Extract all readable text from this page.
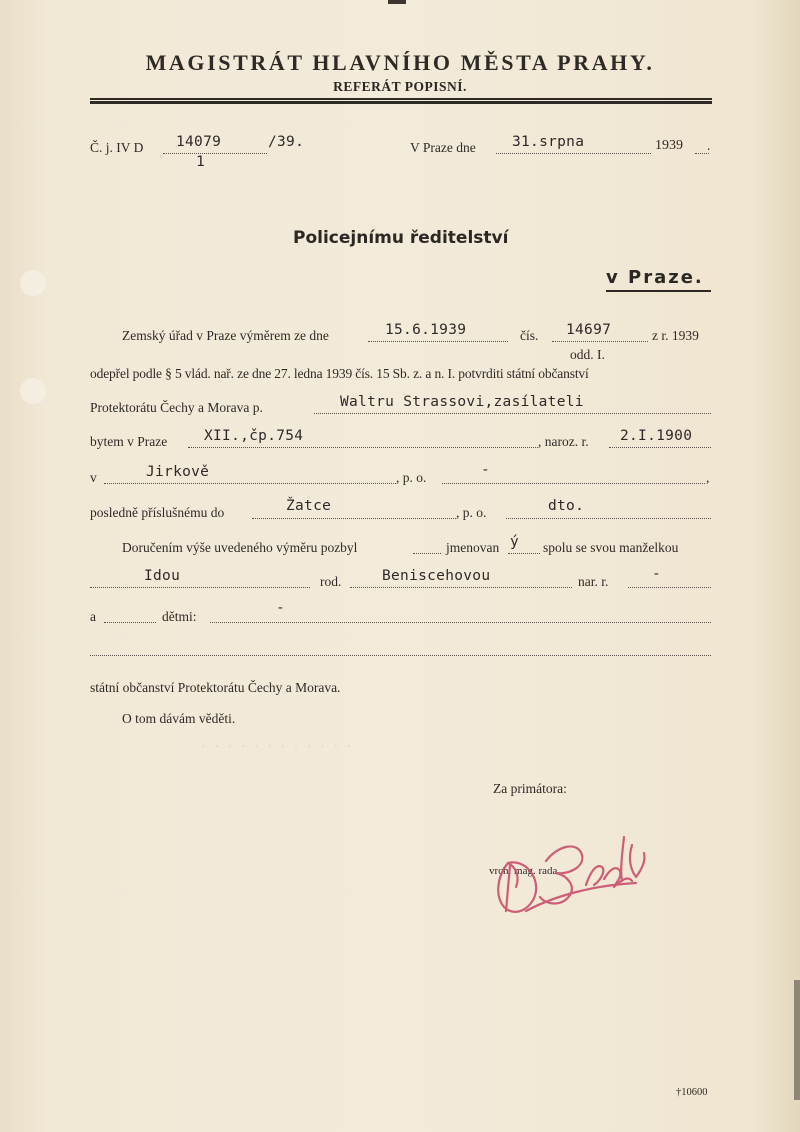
MAGISTRÁT HLAVNÍHO MĚSTA PRAHY.
REFERÁT POPISNÍ.
Č. j. IV D 14079
1
/39.	V Praze dne	31.srpna	1939 .
Policejnímu ředitelství
v Praze.
Zemský úřad v Praze výměrem ze dne	15.6.1939	čís. 14697	z r. 1939
odd. I.
odepřel podle § 5 vlád. nař. ze dne 27. ledna 1939 čís. 15 Sb. z. a n. I. potvrditi státní občanství
Protektorátu Čechy a Morava p.	Waltru Strassovi,zasílateli
bytem v Praze	XII.,čp.754	, naroz. r. 2.I.1900
v	Jirkově	, p. o.	-	,
posledně příslušnému do	Žatce	, p. o.	dto.
Doručením výše uvedeného výměru pozbyl	jmenovan ý spolu se svou manželkou
Idou	rod.	Beniscehovou	nar. r.	-
a	dětmi:
-
státní občanství Protektorátu Čechy a Morava.
O tom dávám věděti.
· · · · · · · · · · · ·
Za primátora:
vrch. mag. rada.
†10600
